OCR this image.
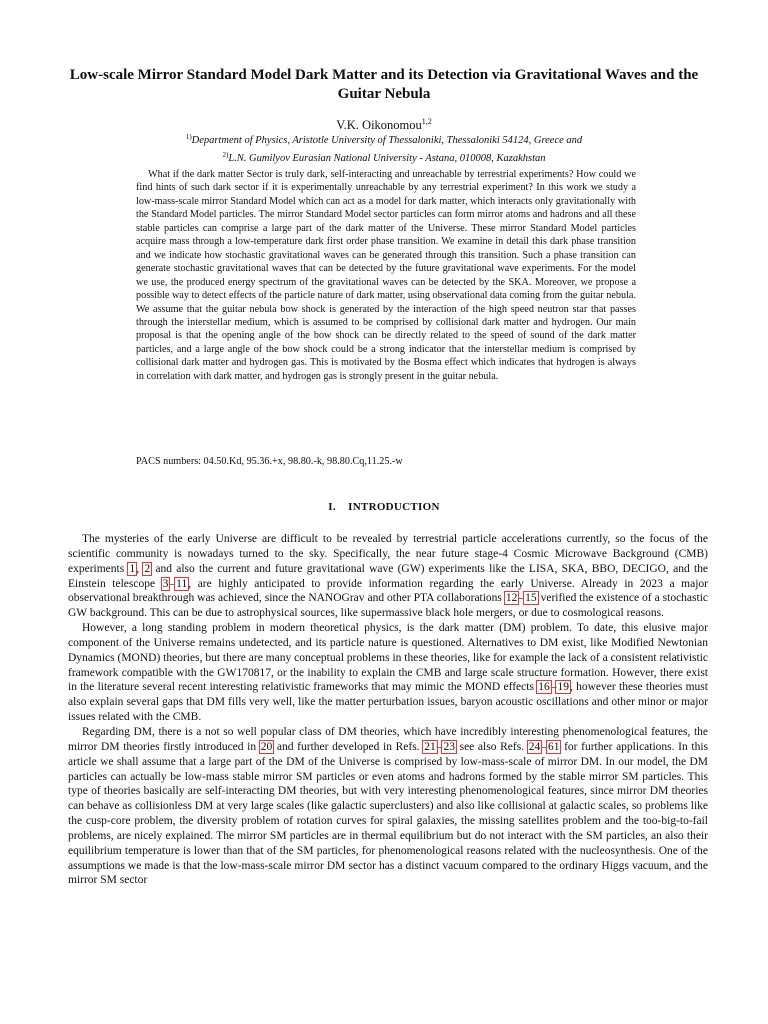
Low-scale Mirror Standard Model Dark Matter and its Detection via Gravitational Waves and the Guitar Nebula
V.K. Oikonomou$^{1,2}$
$^{1)}$Department of Physics, Aristotle University of Thessaloniki, Thessaloniki 54124, Greece and
$^{2)}$L.N. Gumilyov Eurasian National University - Astana, 010008, Kazakhstan

What if the dark matter Sector is truly dark, self-interacting and unreachable by terrestrial experiments? How could we find hints of such dark sector if it is experimentally unreachable by any terrestrial experiment? In this work we study a low-mass-scale mirror Standard Model which can act as a model for dark matter, which interacts only gravitationally with the Standard Model particles. The mirror Standard Model sector particles can form mirror atoms and hadrons and all these stable particles can comprise a large part of the dark matter of the Universe. These mirror Standard Model particles acquire mass through a low-temperature dark first order phase transition. We examine in detail this dark phase transition and we indicate how stochastic gravitational waves can be generated through this transition. Such a phase transition can generate stochastic gravitational waves that can be detected by the future gravitational wave experiments. For the model we use, the produced energy spectrum of the gravitational waves can be detected by the SKA. Moreover, we propose a possible way to detect effects of the particle nature of dark matter, using observational data coming from the guitar nebula. We assume that the guitar nebula bow shock is generated by the interaction of the high speed neutron star that passes through the interstellar medium, which is assumed to be comprised by collisional dark matter and hydrogen. Our main proposal is that the opening angle of the bow shock can be directly related to the speed of sound of the dark matter particles, and a large angle of the bow shock could be a strong indicator that the interstellar medium is comprised by collisional dark matter and hydrogen gas. This is motivated by the Bosma effect which indicates that hydrogen is always in correlation with dark matter, and hydrogen gas is strongly present in the guitar nebula.

PACS numbers: 04.50.Kd, 95.36.+x, 98.80.-k, 98.80.Cq,11.25.-w
I. INTRODUCTION

The mysteries of the early Universe are difficult to be revealed by terrestrial particle accelerations currently, so the focus of the scientific community is nowadays turned to the sky. Specifically, the near future stage-4 Cosmic Microwave Background (CMB) experiments 1, 2 and also the current and future gravitational wave (GW) experiments like the LISA, SKA, BBO, DECIGO, and the Einstein telescope 3–11, are highly anticipated to provide information regarding the early Universe. Already in 2023 a major observational breakthrough was achieved, since the NANOGrav and other PTA collaborations 12–15 verified the existence of a stochastic GW background. This can be due to astrophysical sources, like supermassive black hole mergers, or due to cosmological reasons.

However, a long standing problem in modern theoretical physics, is the dark matter (DM) problem. To date, this elusive major component of the Universe remains undetected, and its particle nature is questioned. Alternatives to DM exist, like Modified Newtonian Dynamics (MOND) theories, but there are many conceptual problems in these theories, like for example the lack of a consistent relativistic framework compatible with the GW170817, or the inability to explain the CMB and large scale structure formation. However, there exist in the literature several recent interesting relativistic frameworks that may mimic the MOND effects 16–19, however these theories must also explain several gaps that DM fills very well, like the matter perturbation issues, baryon acoustic oscillations and other minor or major issues related with the CMB.

Regarding DM, there is a not so well popular class of DM theories, which have incredibly interesting phenomenological features, the mirror DM theories firstly introduced in 20 and further developed in Refs. 21–23 see also Refs. 24–61 for further applications. In this article we shall assume that a large part of the DM of the Universe is comprised by low-mass-scale of mirror DM. In our model, the DM particles can actually be low-mass stable mirror SM particles or even atoms and hadrons formed by the stable mirror SM particles. This type of theories basically are self-interacting DM theories, but with very interesting phenomenological features, since mirror DM theories can behave as collisionless DM at very large scales (like galactic superclusters) and also like collisional at galactic scales, so problems like the cusp-core problem, the diversity problem of rotation curves for spiral galaxies, the missing satellites problem and the too-big-to-fail problems, are nicely explained. The mirror SM particles are in thermal equilibrium but do not interact with the SM particles, an also their equilibrium temperature is lower than that of the SM particles, for phenomenological reasons related with the nucleosynthesis. One of the assumptions we made is that the low-mass-scale mirror DM sector has a distinct vacuum compared to the ordinary Higgs vacuum, and the mirror SM sector
